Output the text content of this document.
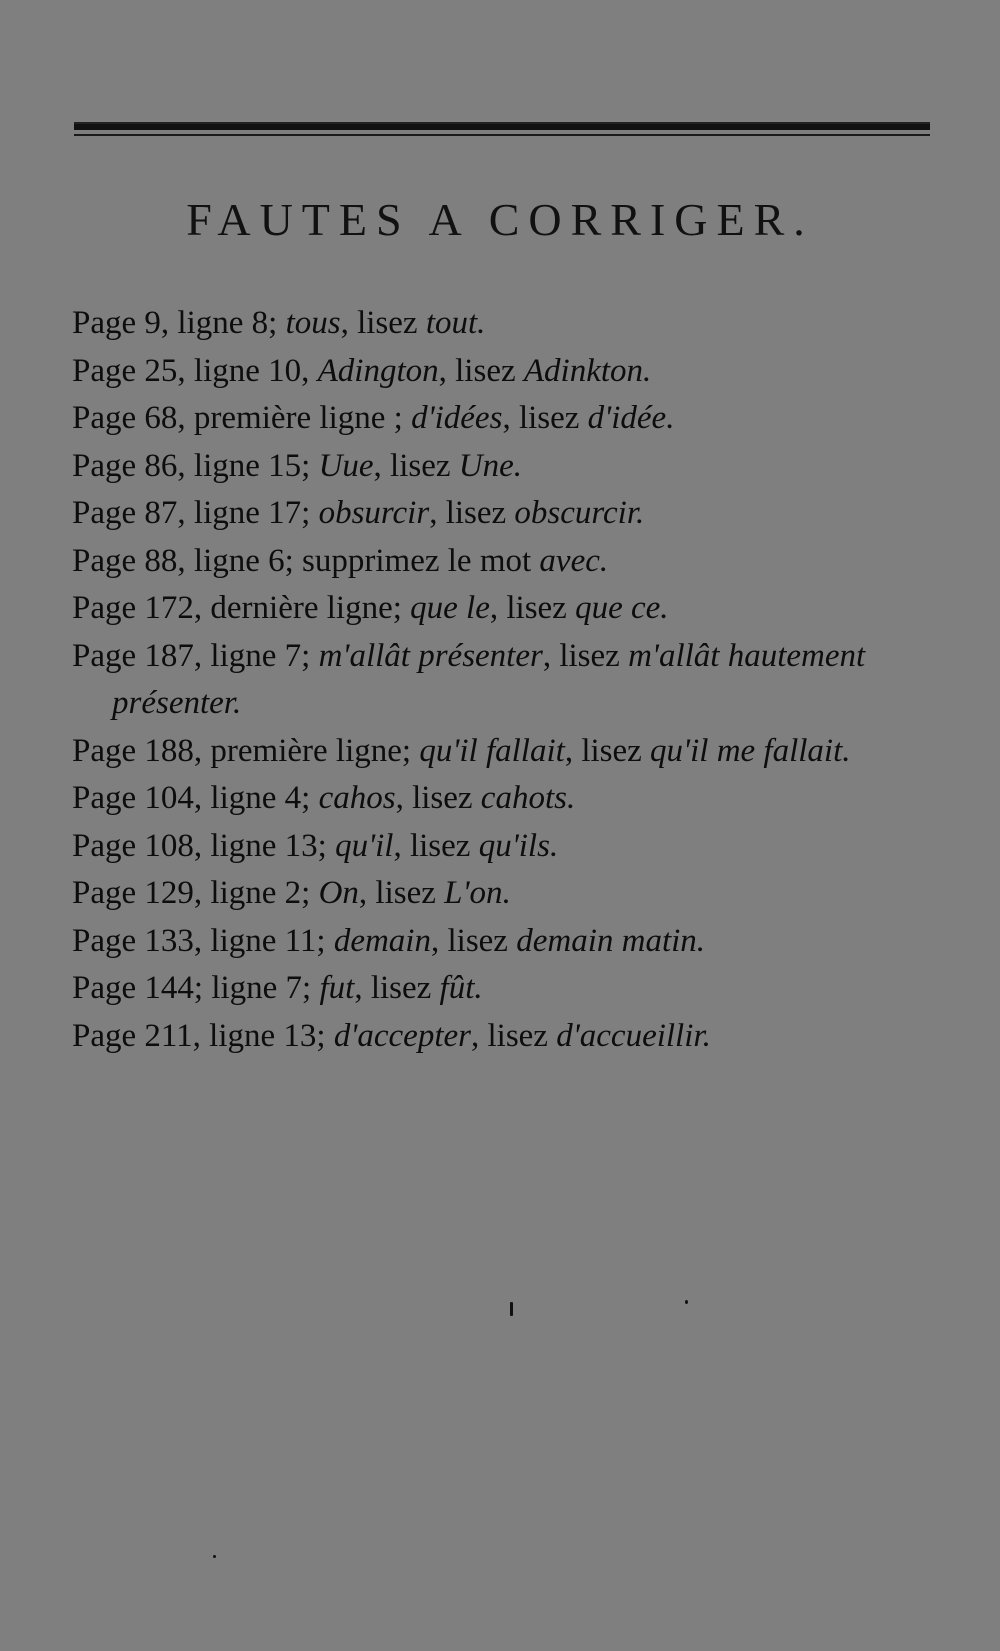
FAUTES A CORRIGER.
Page 9, ligne 8; tous, lisez tout.
Page 25, ligne 10, Adington, lisez Adinkton.
Page 68, première ligne ; d'idées, lisez d'idée.
Page 86, ligne 15; Uue, lisez Une.
Page 87, ligne 17; obsurcir, lisez obscurcir.
Page 88, ligne 6; supprimez le mot avec.
Page 172, dernière ligne; que le, lisez que ce.
Page 187, ligne 7; m'allât présenter, lisez m'allât hautement présenter.
Page 188, première ligne; qu'il fallait, lisez qu'il me fallait.
Page 104, ligne 4; cahos, lisez cahots.
Page 108, ligne 13; qu'il, lisez qu'ils.
Page 129, ligne 2; On, lisez L'on.
Page 133, ligne 11; demain, lisez demain matin.
Page 144; ligne 7; fut, lisez fût.
Page 211, ligne 13; d'accepter, lisez d'accueillir.
